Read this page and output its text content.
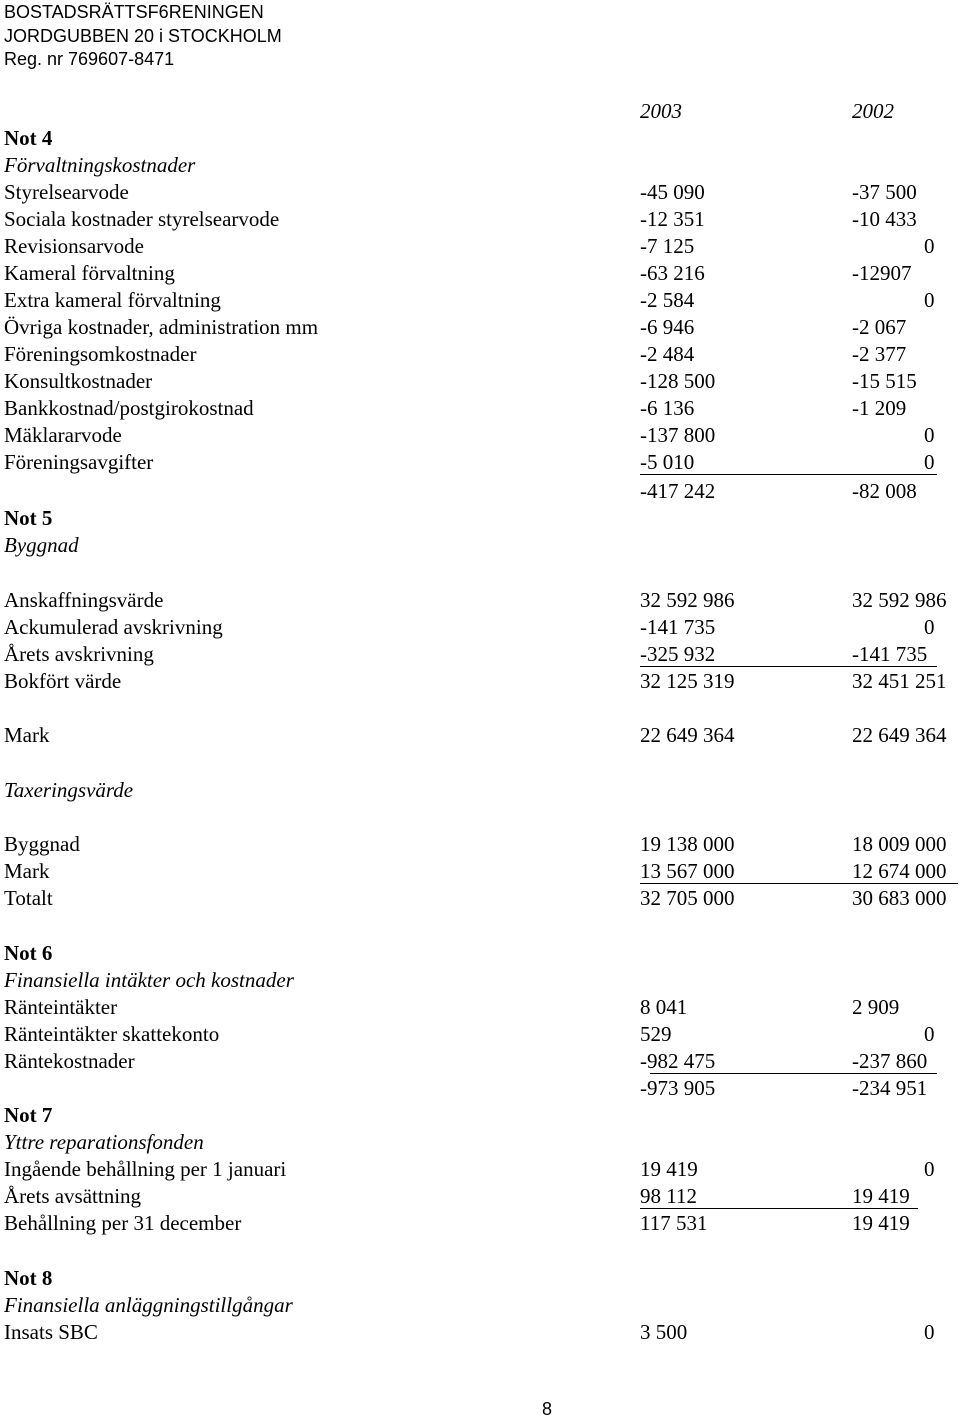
BOSTADSRÄTTSF6RENINGEN
JORDGUBBEN 20 i STOCKHOLM
Reg. nr 769607-8471
2003	2002
Not 4
Förvaltningskostnader
Styrelsearvode	-45 090	-37 500
Sociala kostnader styrelsearvode	-12 351	-10 433
Revisionsarvode	-7 125	0
Kameral förvaltning	-63 216	-12907
Extra kameral förvaltning	-2 584	0
Övriga kostnader, administration mm	-6 946	-2 067
Föreningsomkostnader	-2 484	-2 377
Konsultkostnader	-128 500	-15 515
Bankkostnad/postgirokostnad	-6 136	-1 209
Mäklararvode	-137 800	0
Föreningsavgifter	-5 010	0
-417 242	-82 008
Not 5
Byggnad
Anskaffningsvärde	32 592 986	32 592 986
Ackumulerad avskrivning	-141 735	0
Årets avskrivning	-325 932	-141 735
Bokfört värde	32 125 319	32 451 251
Mark	22 649 364	22 649 364
Taxeringsvärde
Byggnad	19 138 000	18 009 000
Mark	13 567 000	12 674 000
Totalt	32 705 000	30 683 000
Not 6
Finansiella intäkter och kostnader
Ränteintäkter	8 041	2 909
Ränteintäkter skattekonto	529	0
Räntekostnader	-982 475	-237 860
-973 905	-234 951
Not 7
Yttre reparationsfonden
Ingående behållning per 1 januari	19 419	0
Årets avsättning	98 112	19 419
Behållning per 31 december	117 531	19 419
Not 8
Finansiella anläggningstillgångar
Insats SBC	3 500	0
8
